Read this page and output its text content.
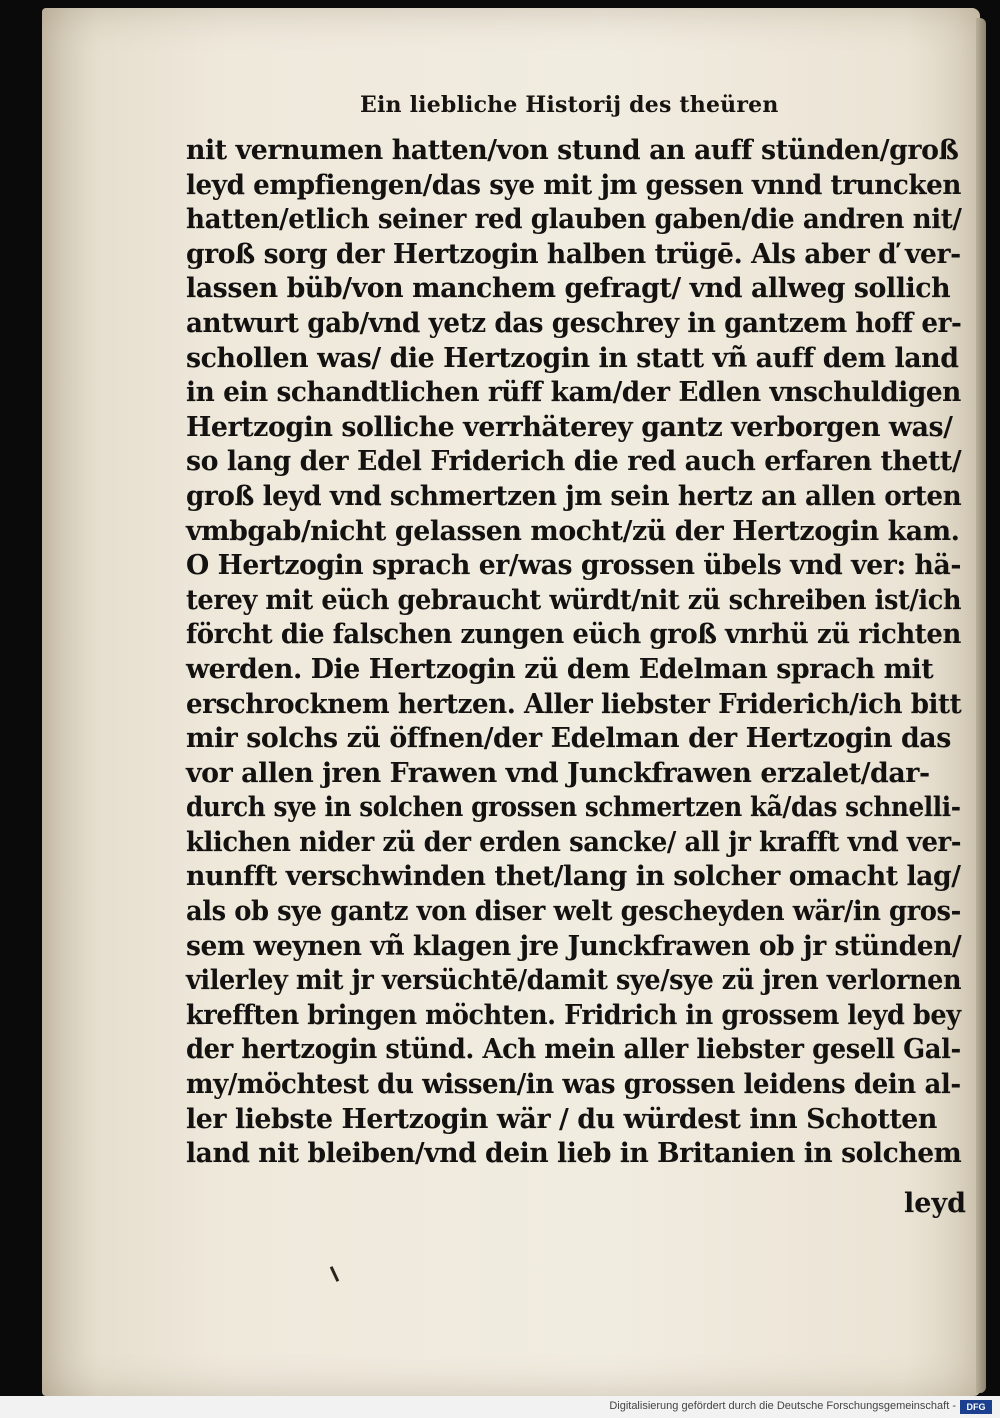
Ein liebliche Historij des theüren
nit vernumen hatten/von stund an auff stünden/groß
leyd empfiengen/das sye mit jm gessen vnnd truncken
hatten/etlich seiner red glauben gaben/die andren nit/
groß sorg der Hertzogin halben trügē. Als aber ď ver‐
lassen büb/von manchem gefragt/ vnd allweg sollich
antwurt gab/vnd yetz das geschrey in gantzem hoff er‐
schollen was/ die Hertzogin in statt vñ auff dem land
in ein schandtlichen rüff kam/der Edlen vnschuldigen
Hertzogin solliche verrhäterey gantz verborgen was/
so lang der Edel Friderich die red auch erfaren thett/
groß leyd vnd schmertzen jm sein hertz an allen orten
vmbgab/nicht gelassen mocht/zü der Hertzogin kam.
O Hertzogin sprach er/was grossen übels vnd ver: hä‐
terey mit eüch gebraucht würdt/nit zü schreiben ist/ich
förcht die falschen zungen eüch groß vnrhü zü richten
werden. Die Hertzogin zü dem Edelman sprach mit
erschrocknem hertzen. Aller liebster Friderich/ich bitt
mir solchs zü öffnen/der Edelman der Hertzogin das
vor allen jren Frawen vnd Junckfrawen erzalet/dar‐
durch sye in solchen grossen schmertzen kã/das schnelli‐
klichen nider zü der erden sancke/ all jr krafft vnd ver‐
nunfft verschwinden thet/lang in solcher omacht lag/
als ob sye gantz von diser welt gescheyden wär/in gros‐
sem weynen vñ klagen jre Junckfrawen ob jr stünden/
vilerley mit jr versüchtē/damit sye/sye zü jren verlornen
krefften bringen möchten. Fridrich in grossem leyd bey
der hertzogin stünd. Ach mein aller liebster gesell Gal‐
my/möchtest du wissen/in was grossen leidens dein al‐
ler liebste Hertzogin wär / du würdest inn Schotten
land nit bleiben/vnd dein lieb in Britanien in solchem
leyd
Digitalisierung gefördert durch die Deutsche Forschungsgemeinschaft -	DFG
